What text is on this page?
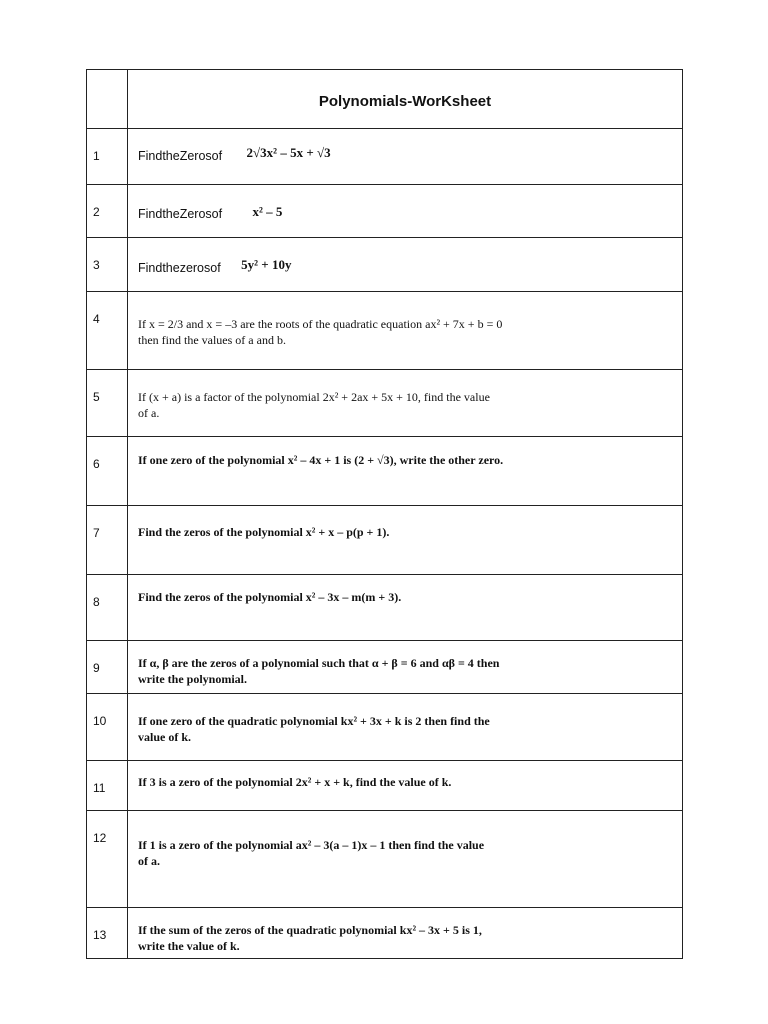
	Polynomials-WorKsheet

1	FindtheZerosof 2√3x² – 5x + √3

2	FindtheZerosof x² – 5

3	Findthezerosof 5y² + 10y

4	If x = 2/3 and x = –3 are the roots of the quadratic equation ax² + 7x + b = 0
then find the values of a and b.

5	If (x + a) is a factor of the polynomial 2x² + 2ax + 5x + 10, find the value
of a.

6	If one zero of the polynomial x² – 4x + 1 is (2 + √3), write the other zero.

7	Find the zeros of the polynomial x² + x – p(p + 1).

8	Find the zeros of the polynomial x² – 3x – m(m + 3).

9	If α, β are the zeros of a polynomial such that α + β = 6 and αβ = 4 then
write the polynomial.

10	If one zero of the quadratic polynomial kx² + 3x + k is 2 then find the
value of k.

11	If 3 is a zero of the polynomial 2x² + x + k, find the value of k.

12	If 1 is a zero of the polynomial ax² – 3(a – 1)x – 1 then find the value
of a.

13	If the sum of the zeros of the quadratic polynomial kx² – 3x + 5 is 1,
write the value of k.
